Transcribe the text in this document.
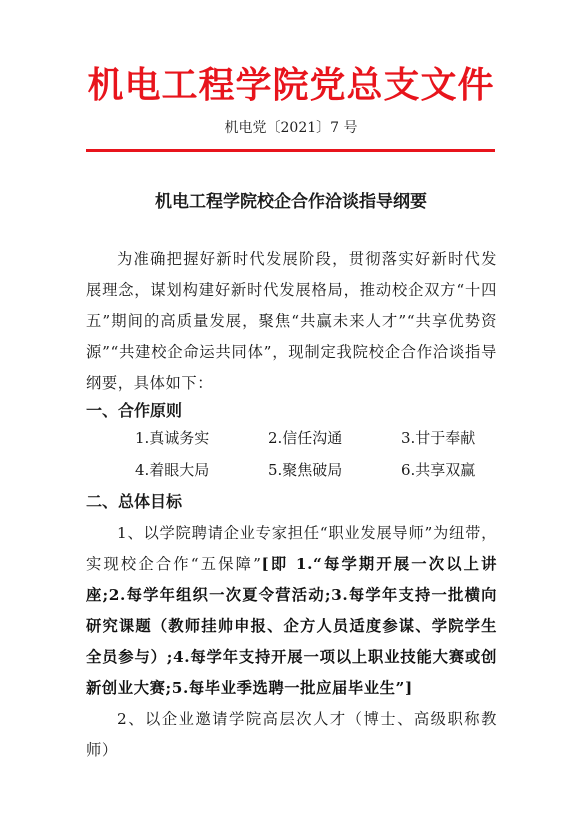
机电工程学院党总支文件
机电党〔2021〕7 号
机电工程学院校企合作洽谈指导纲要
为准确把握好新时代发展阶段，贯彻落实好新时代发展理念，谋划构建好新时代发展格局，推动校企双方“十四五”期间的高质量发展，聚焦“共赢未来人才”“共享优势资源”“共建校企命运共同体”，现制定我院校企合作洽谈指导纲要，具体如下：
一、合作原则
1.真诚务实	2.信任沟通	3.甘于奉献
4.着眼大局	5.聚焦破局	6.共享双赢
二、总体目标
1、以学院聘请企业专家担任“职业发展导师”为纽带，实现校企合作“五保障”[即 1.“每学期开展一次以上讲座;2.每学年组织一次夏令营活动;3.每学年支持一批横向研究课题（教师挂帅申报、企方人员适度参谋、学院学生全员参与）;4.每学年支持开展一项以上职业技能大赛或创新创业大赛;5.每毕业季选聘一批应届毕业生”]
2、以企业邀请学院高层次人才（博士、高级职称教师）
